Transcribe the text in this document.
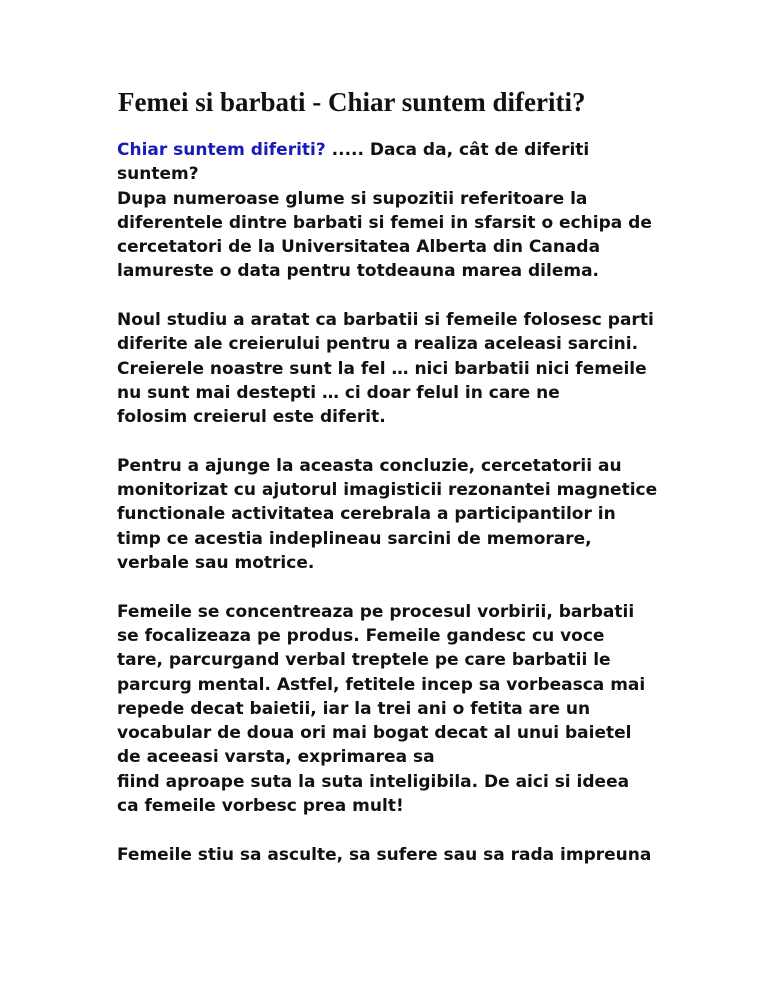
Femei si barbati - Chiar suntem diferiti?
Chiar suntem diferiti? ..... Daca da, cât de diferiti
suntem?
Dupa numeroase glume si supozitii referitoare la
diferentele dintre barbati si femei in sfarsit o echipa de
cercetatori de la Universitatea Alberta din Canada
lamureste o data pentru totdeauna marea dilema.
Noul studiu a aratat ca barbatii si femeile folosesc parti
diferite ale creierului pentru a realiza aceleasi sarcini.
Creierele noastre sunt la fel … nici barbatii nici femeile
nu sunt mai destepti … ci doar felul in care ne
folosim creierul este diferit.
Pentru a ajunge la aceasta concluzie, cercetatorii au
monitorizat cu ajutorul imagisticii rezonantei magnetice
functionale activitatea cerebrala a participantilor in
timp ce acestia indeplineau sarcini de memorare,
verbale sau motrice.
Femeile se concentreaza pe procesul vorbirii, barbatii
se focalizeaza pe produs. Femeile gandesc cu voce
tare, parcurgand verbal treptele pe care barbatii le
parcurg mental. Astfel, fetitele incep sa vorbeasca mai
repede decat baietii, iar la trei ani o fetita are un
vocabular de doua ori mai bogat decat al unui baietel
de aceeasi varsta, exprimarea sa
fiind aproape suta la suta inteligibila. De aici si ideea
ca femeile vorbesc prea mult!
Femeile stiu sa asculte, sa sufere sau sa rada impreuna
